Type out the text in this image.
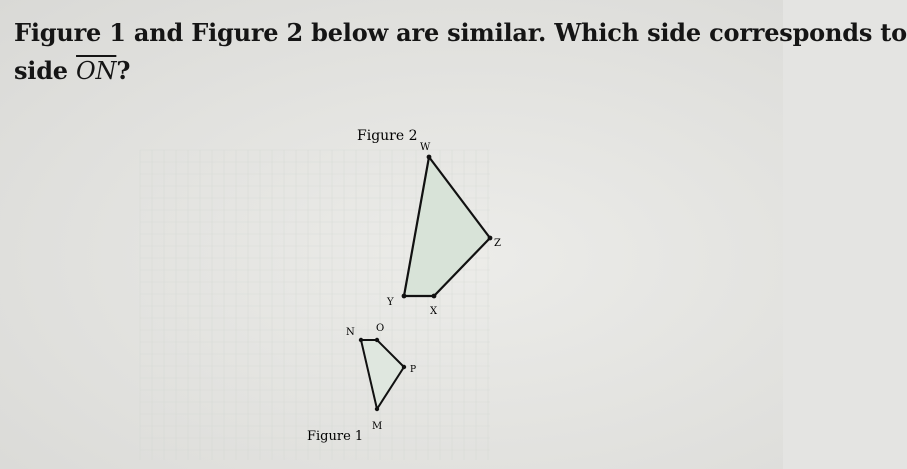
Figure 1 and Figure 2 below are similar. Which side corresponds to
side $\overline{ON}$?
Figure 2
W
Z
Y
X
N O
P
M
Figure 1
